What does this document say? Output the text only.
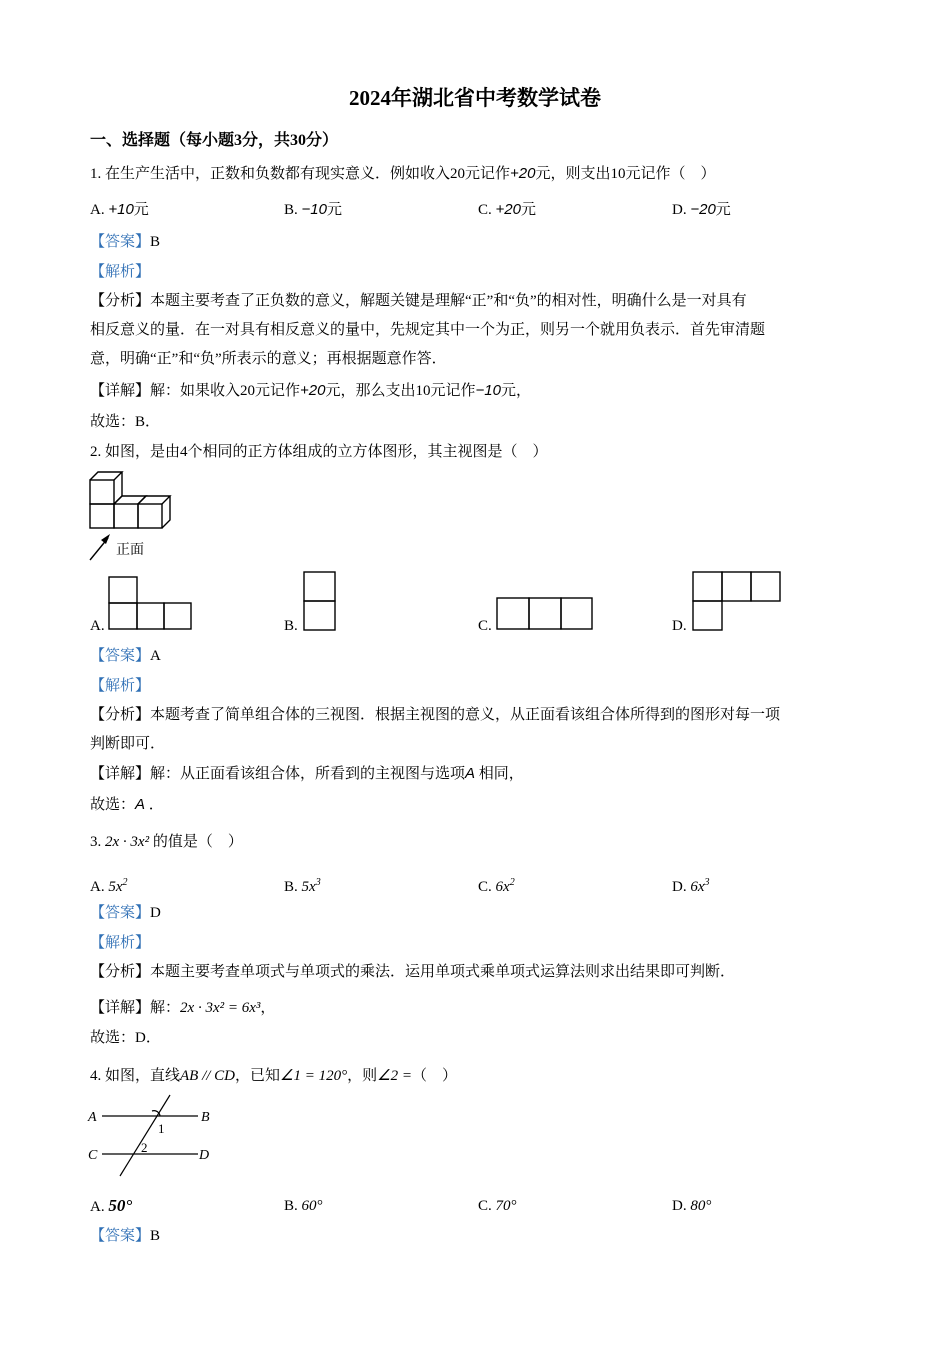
2024年湖北省中考数学试卷
一、选择题（每小题3分，共30分）
1. 在生产生活中，正数和负数都有现实意义．例如收入20元记作+20元，则支出10元记作（　）
A. +10元	B. −10元	C. +20元	D. −20元
【答案】B
【解析】
【分析】本题主要考查了正负数的意义，解题关键是理解“正”和“负”的相对性，明确什么是一对具有
相反意义的量．在一对具有相反意义的量中，先规定其中一个为正，则另一个就用负表示．首先审清题
意，明确“正”和“负”所表示的意义；再根据题意作答．
【详解】解：如果收入20元记作+20元，那么支出10元记作−10元，
故选：B．
2. 如图，是由4个相同的正方体组成的立方体图形，其主视图是（　）
正面
A.	B.	C.	D.
【答案】A
【解析】
【分析】本题考查了简单组合体的三视图．根据主视图的意义，从正面看该组合体所得到的图形对每一项
判断即可．
【详解】解：从正面看该组合体，所看到的主视图与选项A 相同，
故选：A ．
3. 2x · 3x² 的值是（　）
A. $5x^2$	B. $5x^3$	C. $6x^2$	D. $6x^3$
【答案】D
【解析】
【分析】本题主要考查单项式与单项式的乘法．运用单项式乘单项式运算法则求出结果即可判断．
【详解】解：2x · 3x² = 6x³，
故选：D．
4. 如图，直线AB // CD，已知∠1 = 120°，则∠2 =（　）
A	B
C	D
1
2
A. 50°	B. 60°	C. 70°	D. 80°
【答案】B
